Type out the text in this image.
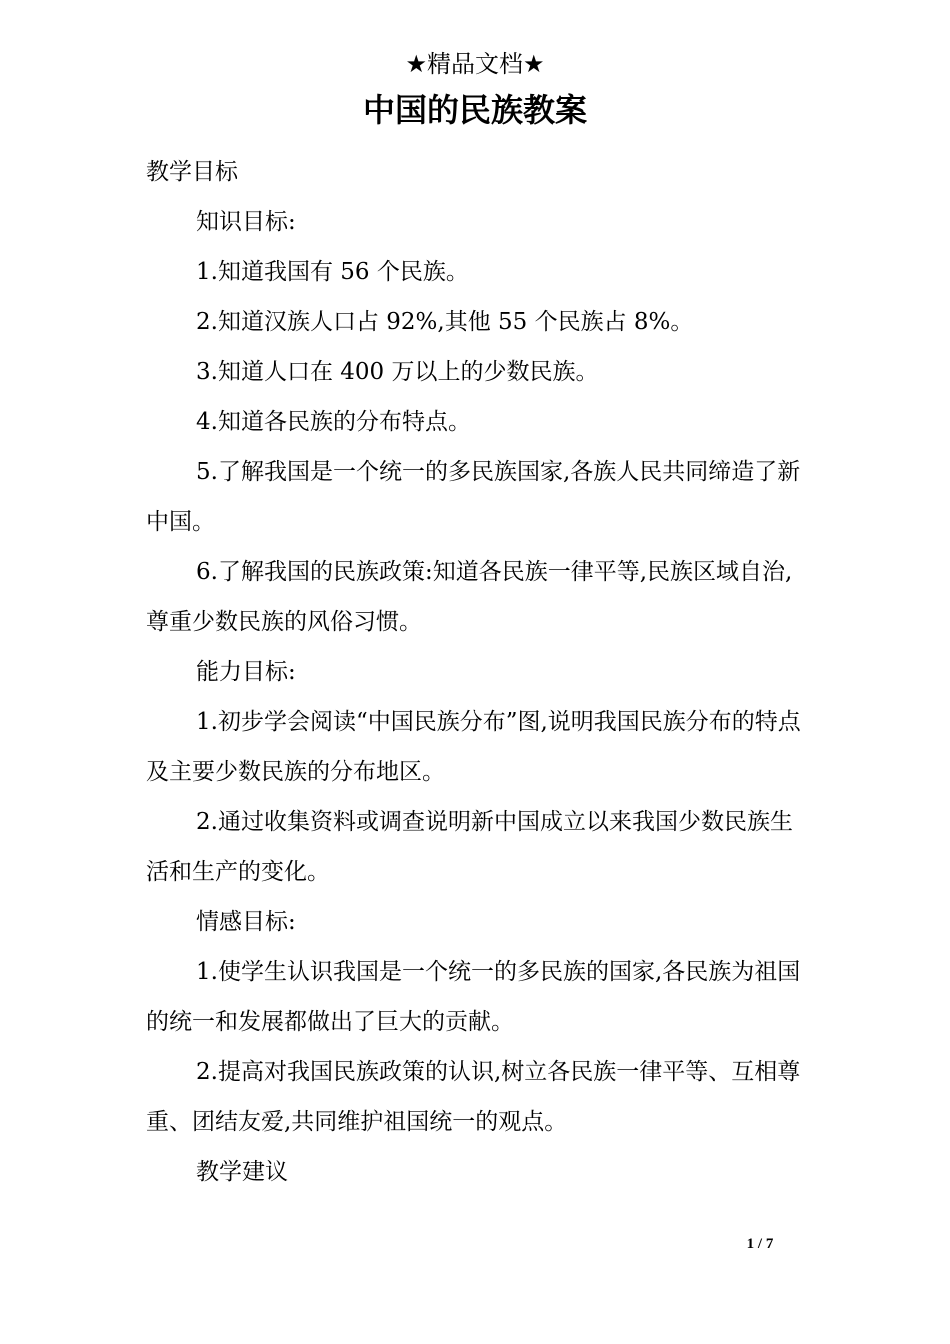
★精品文档★
中国的民族教案

教学目标

知识目标:

1.知道我国有 56 个民族。

2.知道汉族人口占 92%,其他 55 个民族占 8%。

3.知道人口在 400 万以上的少数民族。

4.知道各民族的分布特点。

5.了解我国是一个统一的多民族国家,各族人民共同缔造了新中国。

6.了解我国的民族政策:知道各民族一律平等,民族区域自治,尊重少数民族的风俗习惯。

能力目标:

1.初步学会阅读“中国民族分布”图,说明我国民族分布的特点及主要少数民族的分布地区。

2.通过收集资料或调查说明新中国成立以来我国少数民族生活和生产的变化。

情感目标:

1.使学生认识我国是一个统一的多民族的国家,各民族为祖国的统一和发展都做出了巨大的贡献。

2.提高对我国民族政策的认识,树立各民族一律平等、互相尊重、团结友爱,共同维护祖国统一的观点。

教学建议

1 / 7
